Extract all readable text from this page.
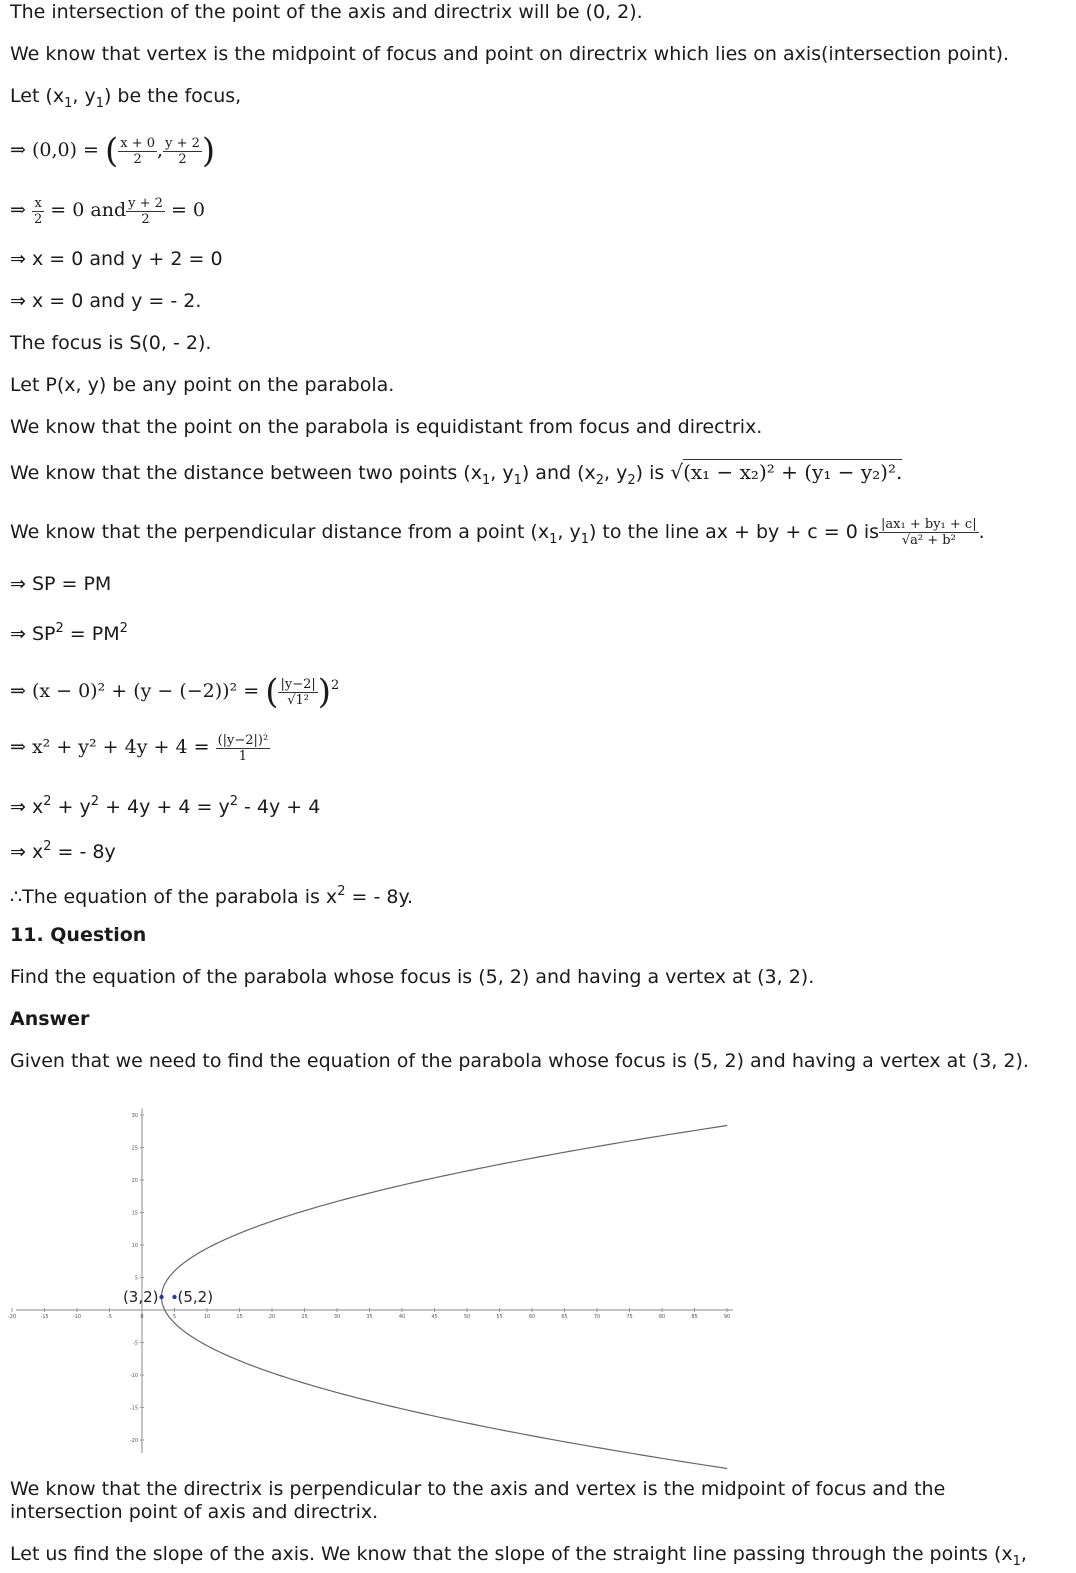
The intersection of the point of the axis and directrix will be (0, 2).
We know that vertex is the midpoint of focus and point on directrix which lies on axis(intersection point).
Let ($x_1$, $y_1$) be the focus,
⇒ (0,0) = ( $\frac{x + 0}{2}$ , $\frac{y + 2}{2}$ )
⇒ $\frac{x}{2} = 0$ and $\frac{y + 2}{2} = 0$
⇒ x = 0 and y + 2 = 0
⇒ x = 0 and y = - 2.
The focus is S(0, - 2).
Let P(x, y) be any point on the parabola.
We know that the point on the parabola is equidistant from focus and directrix.
We know that the distance between two points ($x_1$, $y_1$) and ($x_2$, $y_2$) is √(x₁ − x₂)² + (y₁ − y₂)².
We know that the perpendicular distance from a point ($x_1$, $y_1$) to the line ax + by + c = 0 is $\frac{\text{|ax₁ + by₁ + c|}}{\text{√a² + b²}}$ .
⇒ SP = PM
⇒ $SP^2 = PM^2$
⇒ (x − 0)² + (y − (−2))² = ( $\frac{|y-2|}{\text{√1²}} )^2$
⇒ $x^2 + y^2 + 4y + 4 = \frac{\text{(|y−2|)²}}{1}$
⇒ $x^2 + y^2 + 4y + 4 = y^2 - 4y + 4$
⇒ $x^2$ = - 8y
∴The equation of the parabola is $x^2$ = - 8y.
11. Question
Find the equation of the parabola whose focus is (5, 2) and having a vertex at (3, 2).
Answer
Given that we need to find the equation of the parabola whose focus is (5, 2) and having a vertex at (3, 2).
-20	-15	-10	-5	0	5	10	15	20	25	30	35	40	45	50	55	60	65	70	75	80	85	90
-20
-15
-10
-5
5
10
15
20
25
30
(3,2) (5,2)
We know that the directrix is perpendicular to the axis and vertex is the midpoint of focus and the intersection point of axis and directrix.
Let us find the slope of the axis. We know that the slope of the straight line passing through the points ($x_1$,
